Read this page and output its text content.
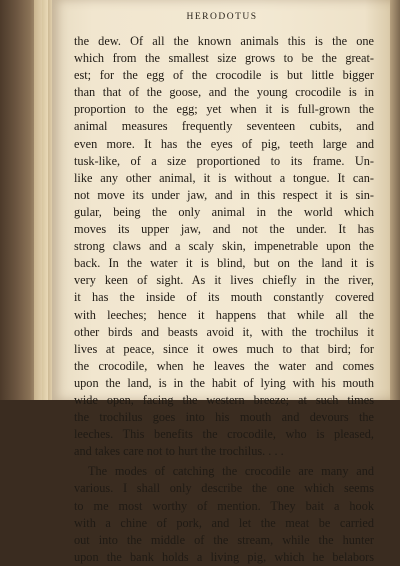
HERODOTUS
the dew. Of all the known animals this is the one
which from the smallest size grows to be the great-
est; for the egg of the crocodile is but little bigger
than that of the goose, and the young crocodile is in
proportion to the egg; yet when it is full-grown the
animal measures frequently seventeen cubits, and
even more. It has the eyes of pig, teeth large and
tusk-like, of a size proportioned to its frame. Un-
like any other animal, it is without a tongue. It can-
not move its under jaw, and in this respect it is sin-
gular, being the only animal in the world which
moves its upper jaw, and not the under. It has
strong claws and a scaly skin, impenetrable upon the
back. In the water it is blind, but on the land it is
very keen of sight. As it lives chiefly in the river,
it has the inside of its mouth constantly covered
with leeches; hence it happens that while all the
other birds and beasts avoid it, with the trochilus it
lives at peace, since it owes much to that bird; for
the crocodile, when he leaves the water and comes
upon the land, is in the habit of lying with his mouth
wide open, facing the western breeze; at such times
the trochilus goes into his mouth and devours the
leeches. This benefits the crocodile, who is pleased,
and takes care not to hurt the trochilus. . . .
The modes of catching the crocodile are many and
various. I shall only describe the one which seems
to me most worthy of mention. They bait a hook
with a chine of pork, and let the meat be carried
out into the middle of the stream, while the hunter
upon the bank holds a living pig, which he belabors
